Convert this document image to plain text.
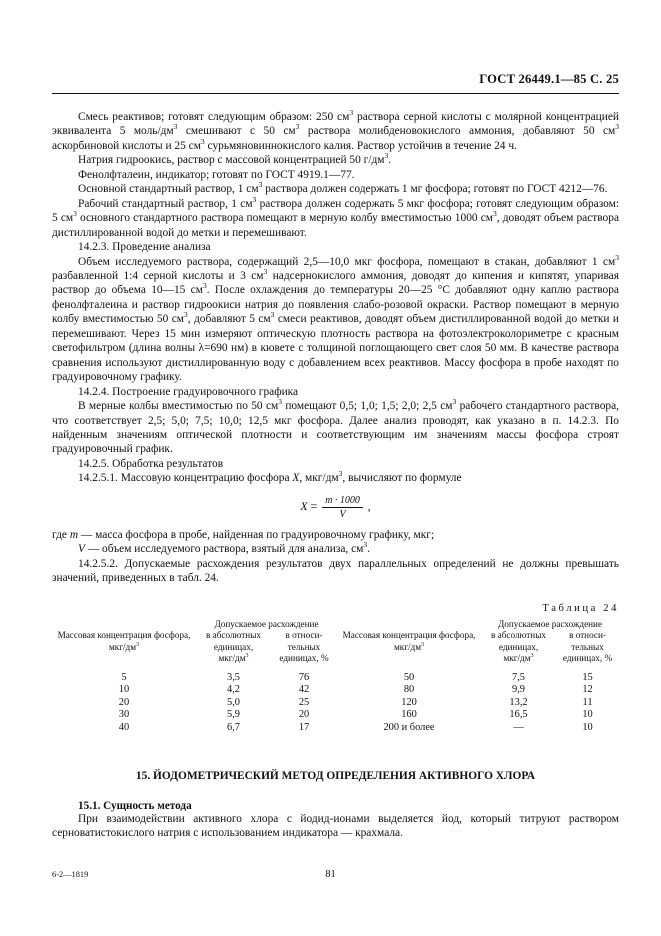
ГОСТ 26449.1—85 С. 25

Смесь реактивов; готовят следующим образом: 250 $см^3$ раствора серной кислоты с молярной концентрацией эквивалента 5 моль/$дм^3$ смешивают с 50 $см^3$ раствора молибденовокислого аммония, добавляют 50 $см^3$ аскорбиновой кислоты и 25 $см^3$ сурьмяновиннокислого калия. Раствор устойчив в течение 24 ч.

Натрия гидроокись, раствор с массовой концентрацией 50 $г/дм^3$.

Фенолфталеин, индикатор; готовят по ГОСТ 4919.1—77.

Основной стандартный раствор, 1 $см^3$ раствора должен содержать 1 мг фосфора; готовят по ГОСТ 4212—76.

Рабочий стандартный раствор, 1 $см^3$ раствора должен содержать 5 мкг фосфора; готовят следующим образом: 5 $см^3$ основного стандартного раствора помещают в мерную колбу вместимостью 1000 $см^3$, доводят объем раствора дистиллированной водой до метки и перемешивают.

14.2.3. Проведение анализа

Объем исследуемого раствора, содержащий 2,5—10,0 мкг фосфора, помещают в стакан, добавляют 1 $см^3$ разбавленной 1:4 серной кислоты и 3 $см^3$ надсернокислого аммония, доводят до кипения и кипятят, упаривая раствор до объема 10—15 $см^3$. После охлаждения до температуры 20—25 °С добавляют одну каплю раствора фенолфталеина и раствор гидроокиси натрия до появления слабо-розовой окраски. Раствор помещают в мерную колбу вместимостью 50 $см^3$, добавляют 5 $см^3$ смеси реактивов, доводят объем дистиллированной водой до метки и перемешивают. Через 15 мин измеряют оптическую плотность раствора на фотоэлектроколориметре с красным светофильтром (длина волны λ=690 нм) в кювете с толщиной поглощающего свет слоя 50 мм. В качестве раствора сравнения используют дистиллированную воду с добавлением всех реактивов. Массу фосфора в пробе находят по градуировочному графику.

14.2.4. Построение градуировочного графика

В мерные колбы вместимостью по 50 $см^3$ помещают 0,5; 1,0; 1,5; 2,0; 2,5 $см^3$ рабочего стандартного раствора, что соответствует 2,5; 5,0; 7,5; 10,0; 12,5 мкг фосфора. Далее анализ проводят, как указано в п. 14.2.3. По найденным значениям оптической плотности и соответствующим им значениям массы фосфора строят градуировочный график.

14.2.5. Обработка результатов

14.2.5.1. Массовую концентрацию фосфора X, мкг/$дм^3$, вычисляют по формуле

$X = \frac{m \cdot 1000}{V}$ ,

где m — масса фосфора в пробе, найденная по градуировочному графику, мкг;

V — объем исследуемого раствора, взятый для анализа, $см^3$.

14.2.5.2. Допускаемые расхождения результатов двух параллельных определений не должны превышать значений, приведенных в табл. 24.

Таблица 24
Массовая концентрация фосфора, мкг/$дм^3$	Допускаемое расхождение		Массовая концентрация фосфора, мкг/$дм^3$	Допускаемое расхождение	
	в абсолютных
единицах,
мкг/$дм^3$	в относи-
тельных
единицах, %		в абсолютных
единицах,
мкг/$дм^3$	в относи-
тельных
единицах, %

5	3,5	76	50	7,5	15
10	4,2	42	80	9,9	12
20	5,0	25	120	13,2	11
30	5,9	20	160	16,5	10
40	6,7	17	200 и более	—	10
15. ЙОДОМЕТРИЧЕСКИЙ МЕТОД ОПРЕДЕЛЕНИЯ АКТИВНОГО ХЛОРА
15.1. Сущность метода

При взаимодействии активного хлора с йодид-ионами выделяется йод, который титруют раствором серноватистокислого натрия с использованием индикатора — крахмала.

6-2—1819	81
